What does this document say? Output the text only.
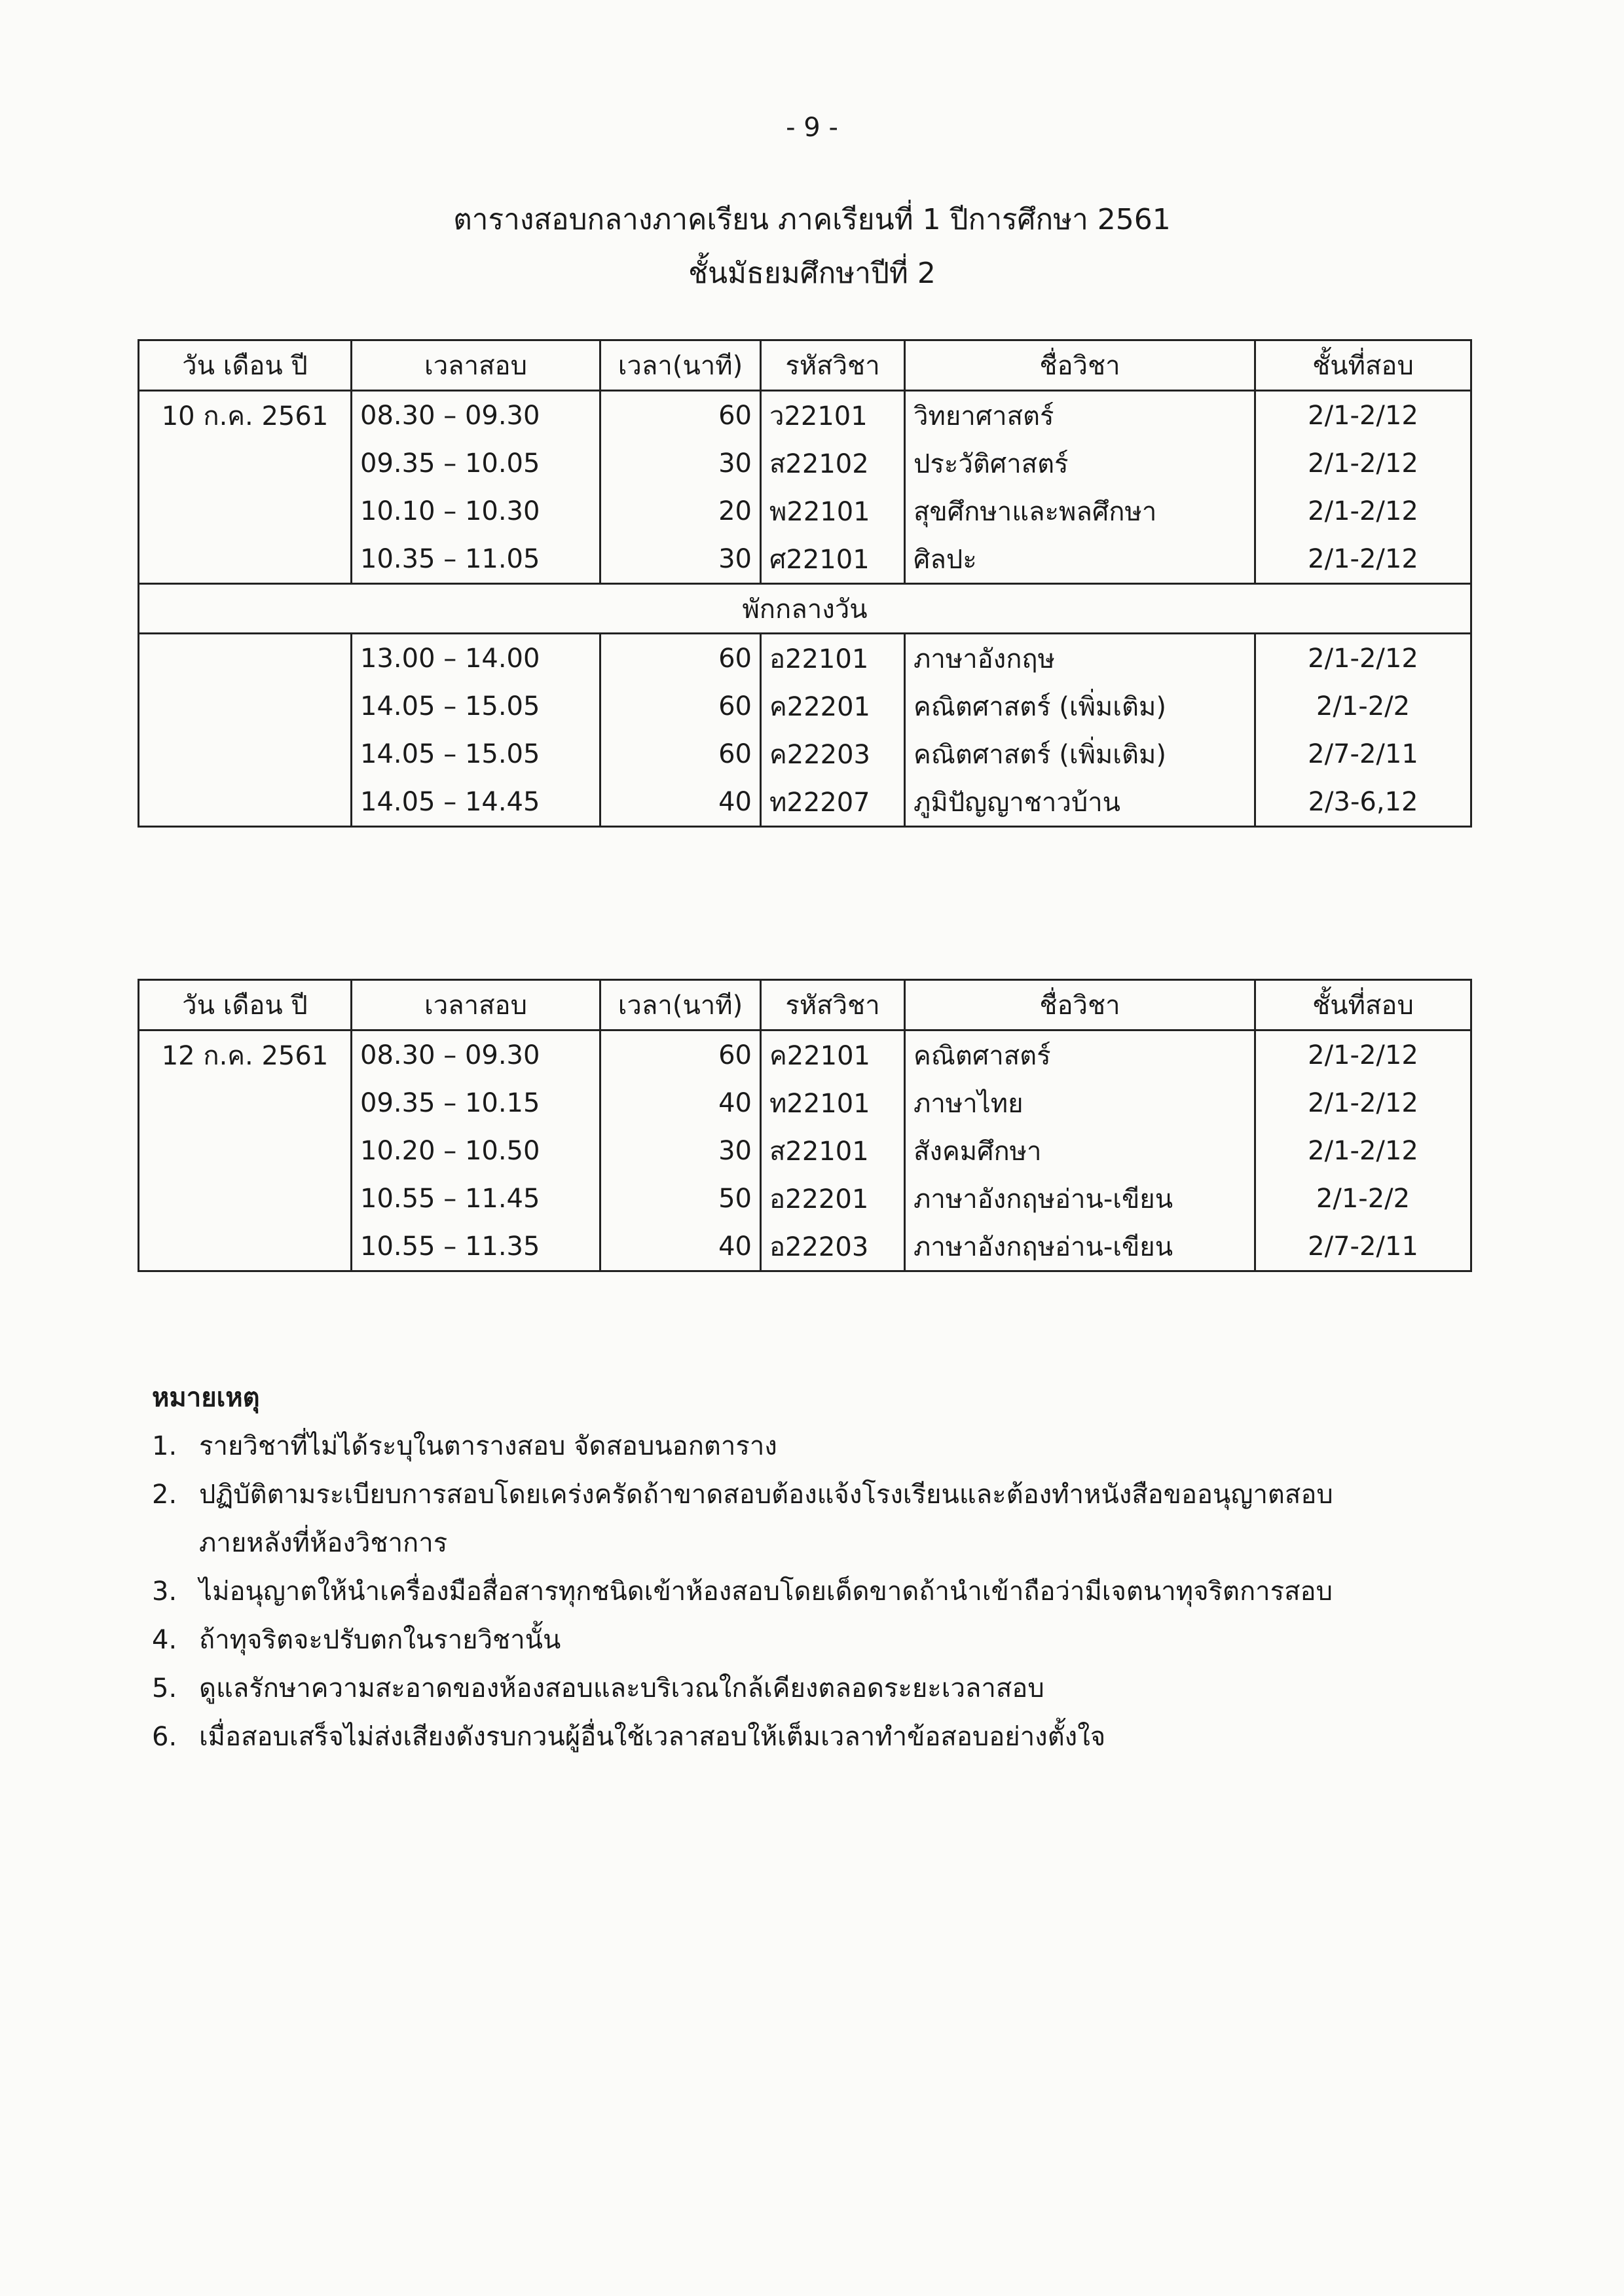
- 9 -
ตารางสอบกลางภาคเรียน ภาคเรียนที่ 1 ปีการศึกษา 2561
ชั้นมัธยมศึกษาปีที่ 2
วัน เดือน ปี	เวลาสอบ	เวลา(นาที)	รหัสวิชา	ชื่อวิชา	ชั้นที่สอบ
10 ก.ค. 2561	08.30 – 09.30	60	ว22101	วิทยาศาสตร์	2/1-2/12
	09.35 – 10.05	30	ส22102	ประวัติศาสตร์	2/1-2/12
	10.10 – 10.30	20	พ22101	สุขศึกษาและพลศึกษา	2/1-2/12
	10.35 – 11.05	30	ศ22101	ศิลปะ	2/1-2/12
พักกลางวัน					
	13.00 – 14.00	60	อ22101	ภาษาอังกฤษ	2/1-2/12
	14.05 – 15.05	60	ค22201	คณิตศาสตร์ (เพิ่มเติม)	2/1-2/2
	14.05 – 15.05	60	ค22203	คณิตศาสตร์ (เพิ่มเติม)	2/7-2/11
	14.05 – 14.45	40	ท22207	ภูมิปัญญาชาวบ้าน	2/3-6,12
วัน เดือน ปี	เวลาสอบ	เวลา(นาที)	รหัสวิชา	ชื่อวิชา	ชั้นที่สอบ
12 ก.ค. 2561	08.30 – 09.30	60	ค22101	คณิตศาสตร์	2/1-2/12
	09.35 – 10.15	40	ท22101	ภาษาไทย	2/1-2/12
	10.20 – 10.50	30	ส22101	สังคมศึกษา	2/1-2/12
	10.55 – 11.45	50	อ22201	ภาษาอังกฤษอ่าน-เขียน	2/1-2/2
	10.55 – 11.35	40	อ22203	ภาษาอังกฤษอ่าน-เขียน	2/7-2/11
หมายเหตุ
1. รายวิชาที่ไม่ได้ระบุในตารางสอบ จัดสอบนอกตาราง
2. ปฏิบัติตามระเบียบการสอบโดยเคร่งครัดถ้าขาดสอบต้องแจ้งโรงเรียนและต้องทำหนังสือขออนุญาตสอบ
ภายหลังที่ห้องวิชาการ
3. ไม่อนุญาตให้นำเครื่องมือสื่อสารทุกชนิดเข้าห้องสอบโดยเด็ดขาดถ้านำเข้าถือว่ามีเจตนาทุจริตการสอบ
4. ถ้าทุจริตจะปรับตกในรายวิชานั้น
5. ดูแลรักษาความสะอาดของห้องสอบและบริเวณใกล้เคียงตลอดระยะเวลาสอบ
6. เมื่อสอบเสร็จไม่ส่งเสียงดังรบกวนผู้อื่นใช้เวลาสอบให้เต็มเวลาทำข้อสอบอย่างตั้งใจ
